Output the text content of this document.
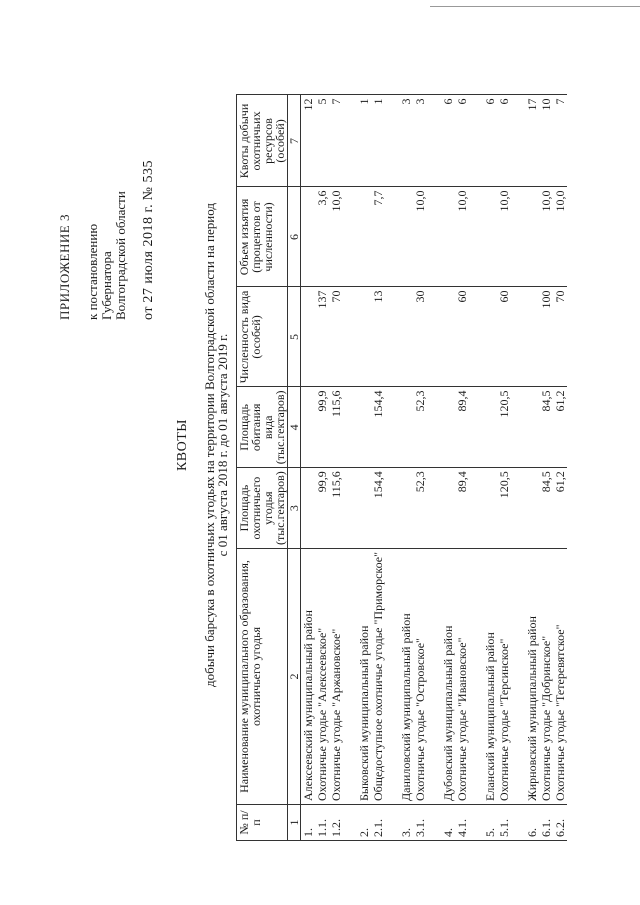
ПРИЛОЖЕНИЕ 3 к постановлению Губернатора Волгоградской области от 27 июля 2018 г. № 535
КВОТЫ добычи барсука в охотничьих угодьях на территории Волгоградской области на период
с 01 августа 2018 г. до 01 августа 2019 г.
№ п/п	Наименование муниципального образования, охотничьего угодья	Площадь охотничьего угодья (тыс.гектаров)	Площадь обитания вида (тыс.гектаров)	Численность вида (особей)	Объем изъятия (процентов от численности)	Квоты добычи охотничьих ресурсов (особей)
1	2	3	4	5	6	7
1.	Алексеевский муниципальный район					12
1.1.	Охотничье угодье "Алексеевское"	99,9	99,9	137	3,6	5
1.2.	Охотничье угодье "Аржановское"	115,6	115,6	70	10,0	7

2.	Быковский муниципальный район					1
2.1.	Общедоступное охотничье угодье "Приморское"	154,4	154,4	13	7,7	1

3.	Даниловский муниципальный район					3
3.1.	Охотничье угодье "Островское"	52,3	52,3	30	10,0	3

4.	Дубовский муниципальный район					6
4.1.	Охотничье угодье "Ивановское"	89,4	89,4	60	10,0	6

5.	Еланский муниципальный район					6
5.1.	Охотничье угодье "Терсинское"	120,5	120,5	60	10,0	6

6.	Жирновский муниципальный район					17
6.1.	Охотничье угодье "Добринское"	84,5	84,5	100	10,0	10
6.2.	Охотничье угодье "Тетеревятское"	61,2	61,2	70	10,0	7
